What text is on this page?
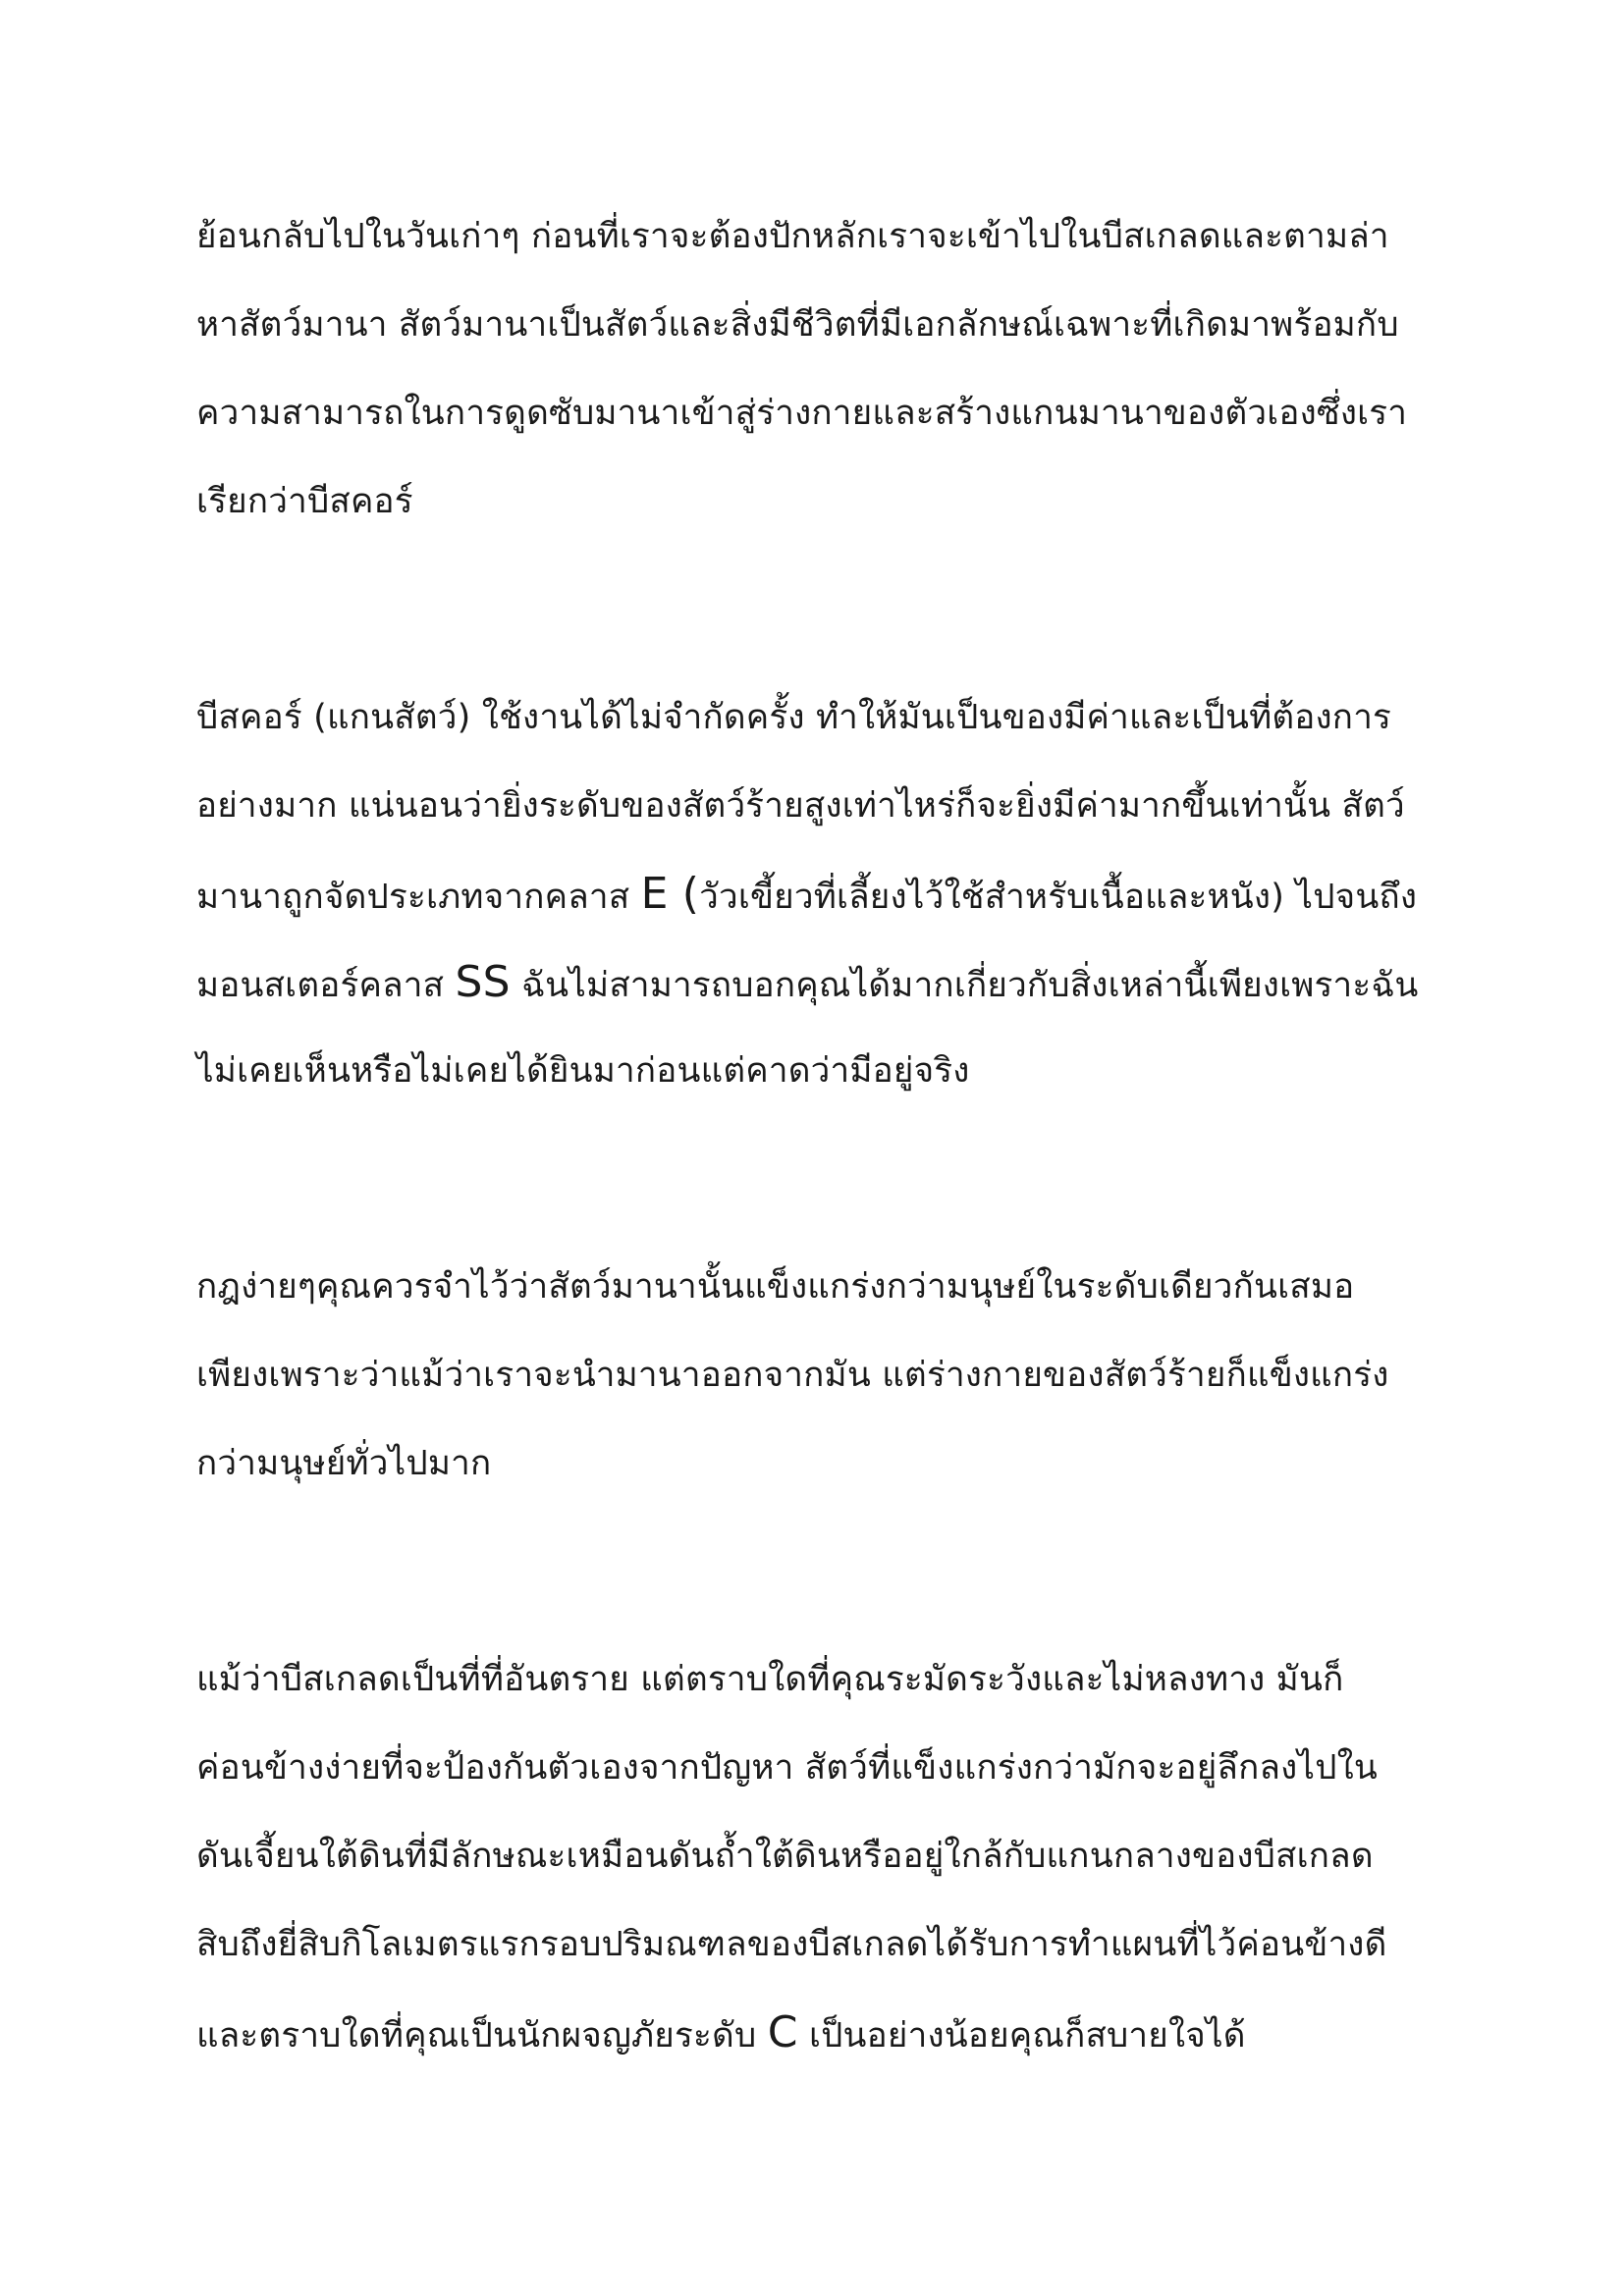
ย้อนกลับไปในวันเก่าๆ ก่อนที่เราจะต้องปักหลักเราจะเข้าไปในบีสเกลดและตามล่า
หาสัตว์มานา สัตว์มานาเป็นสัตว์และสิ่งมีชีวิตที่มีเอกลักษณ์เฉพาะที่เกิดมาพร้อมกับ
ความสามารถในการดูดซับมานาเข้าสู่ร่างกายและสร้างแกนมานาของตัวเองซึ่งเรา
เรียกว่าบีสคอร์
บีสคอร์ (แกนสัตว์) ใช้งานได้ไม่จำกัดครั้ง ทำให้มันเป็นของมีค่าและเป็นที่ต้องการ
อย่างมาก แน่นอนว่ายิ่งระดับของสัตว์ร้ายสูงเท่าไหร่ก็จะยิ่งมีค่ามากขึ้นเท่านั้น สัตว์
มานาถูกจัดประเภทจากคลาส E (วัวเขี้ยวที่เลี้ยงไว้ใช้สำหรับเนื้อและหนัง) ไปจนถึง
มอนสเตอร์คลาส SS ฉันไม่สามารถบอกคุณได้มากเกี่ยวกับสิ่งเหล่านี้เพียงเพราะฉัน
ไม่เคยเห็นหรือไม่เคยได้ยินมาก่อนแต่คาดว่ามีอยู่จริง
กฎง่ายๆคุณควรจำไว้ว่าสัตว์มานานั้นแข็งแกร่งกว่ามนุษย์ในระดับเดียวกันเสมอ
เพียงเพราะว่าแม้ว่าเราจะนำมานาออกจากมัน แต่ร่างกายของสัตว์ร้ายก็แข็งแกร่ง
กว่ามนุษย์ทั่วไปมาก
แม้ว่าบีสเกลดเป็นที่ที่อันตราย แต่ตราบใดที่คุณระมัดระวังและไม่หลงทาง มันก็
ค่อนข้างง่ายที่จะป้องกันตัวเองจากปัญหา สัตว์ที่แข็งแกร่งกว่ามักจะอยู่ลึกลงไปใน
ดันเจี้ยนใต้ดินที่มีลักษณะเหมือนดันถ้ำใต้ดินหรืออยู่ใกล้กับแกนกลางของบีสเกลด
สิบถึงยี่สิบกิโลเมตรแรกรอบปริมณฑลของบีสเกลดได้รับการทำแผนที่ไว้ค่อนข้างดี
และตราบใดที่คุณเป็นนักผจญภัยระดับ C เป็นอย่างน้อยคุณก็สบายใจได้
